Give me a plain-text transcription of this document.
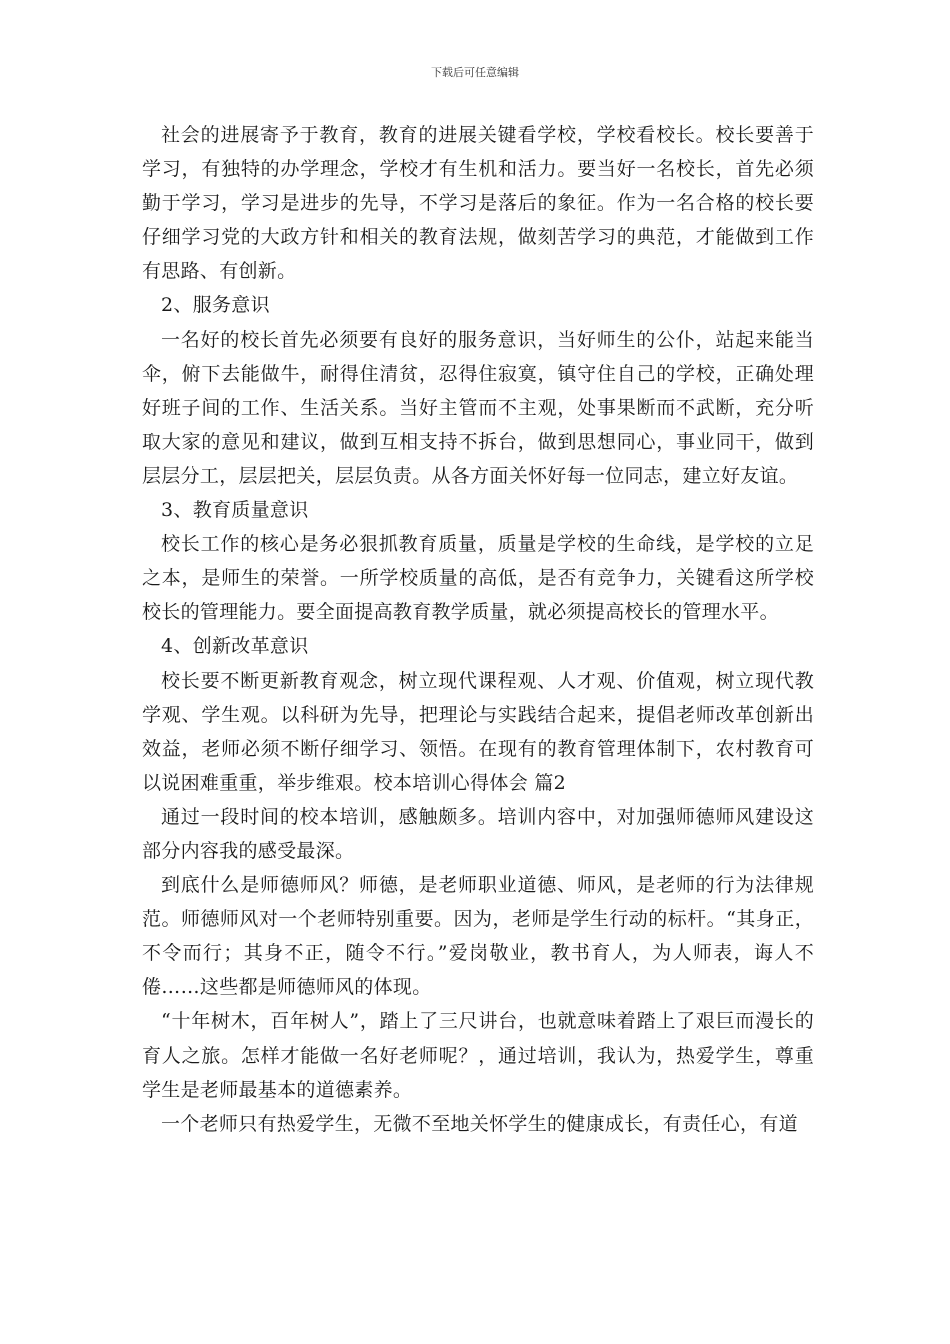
下载后可任意编辑

社会的进展寄予于教育，教育的进展关键看学校，学校看校长。校长要善于学习，有独特的办学理念，学校才有生机和活力。要当好一名校长，首先必须勤于学习，学习是进步的先导，不学习是落后的象征。作为一名合格的校长要仔细学习党的大政方针和相关的教育法规，做刻苦学习的典范，才能做到工作有思路、有创新。

2、服务意识

一名好的校长首先必须要有良好的服务意识，当好师生的公仆，站起来能当伞，俯下去能做牛，耐得住清贫，忍得住寂寞，镇守住自己的学校，正确处理好班子间的工作、生活关系。当好主管而不主观，处事果断而不武断，充分听取大家的意见和建议，做到互相支持不拆台，做到思想同心，事业同干，做到层层分工，层层把关，层层负责。从各方面关怀好每一位同志，建立好友谊。

3、教育质量意识

校长工作的核心是务必狠抓教育质量，质量是学校的生命线，是学校的立足之本，是师生的荣誉。一所学校质量的高低，是否有竞争力，关键看这所学校校长的管理能力。要全面提高教育教学质量，就必须提高校长的管理水平。

4、创新改革意识

校长要不断更新教育观念，树立现代课程观、人才观、价值观，树立现代教学观、学生观。以科研为先导，把理论与实践结合起来，提倡老师改革创新出效益，老师必须不断仔细学习、领悟。在现有的教育管理体制下，农村教育可以说困难重重，举步维艰。校本培训心得体会 篇2

通过一段时间的校本培训，感触颇多。培训内容中，对加强师德师风建设这部分内容我的感受最深。

到底什么是师德师风？师德，是老师职业道德、师风，是老师的行为法律规范。师德师风对一个老师特别重要。因为，老师是学生行动的标杆。“其身正，不令而行；其身不正，随令不行。”爱岗敬业，教书育人，为人师表，诲人不倦……这些都是师德师风的体现。

“十年树木，百年树人”，踏上了三尺讲台，也就意味着踏上了艰巨而漫长的育人之旅。怎样才能做一名好老师呢？，通过培训，我认为，热爱学生，尊重学生是老师最基本的道德素养。

一个老师只有热爱学生，无微不至地关怀学生的健康成长，有责任心，有道
